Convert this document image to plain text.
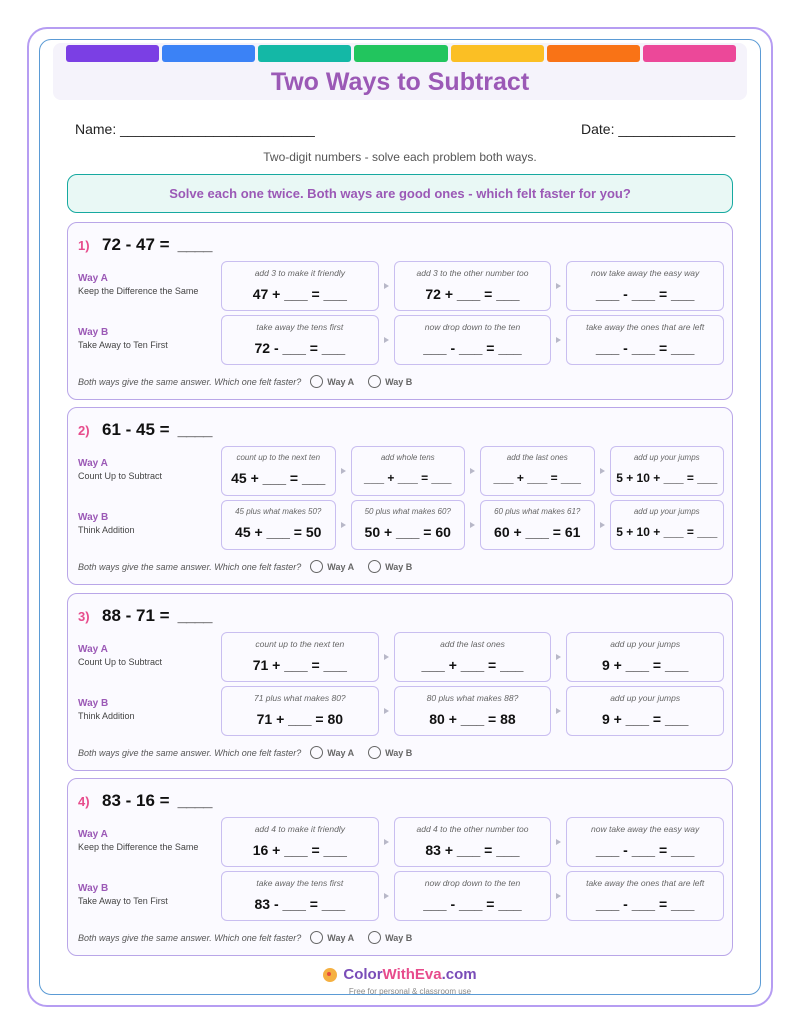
Two Ways to Subtract
Name: _________________________	Date: _______________
Two-digit numbers - solve each problem both ways.
Solve each one twice. Both ways are good ones - which felt faster for you?
1) 72 - 47 = ____
Way A
Keep the Difference the Same
add 3 to make it friendly
47 + ___ = ___
add 3 to the other number too
72 + ___ = ___
now take away the easy way
___ - ___ = ___
Way B
Take Away to Ten First
take away the tens first
72 - ___ = ___
now drop down to the ten
___ - ___ = ___
take away the ones that are left
___ - ___ = ___
Both ways give the same answer. Which one felt faster?	Way A	Way B
2) 61 - 45 = ____
Way A
Count Up to Subtract
count up to the next ten
45 + ___ = ___
add whole tens
___ + ___ = ___
add the last ones
___ + ___ = ___
add up your jumps
5 + 10 + ___ = ___
Way B
Think Addition
45 plus what makes 50?
45 + ___ = 50
50 plus what makes 60?
50 + ___ = 60
60 plus what makes 61?
60 + ___ = 61
add up your jumps
5 + 10 + ___ = ___
Both ways give the same answer. Which one felt faster?	Way A	Way B
3) 88 - 71 = ____
Way A
Count Up to Subtract
count up to the next ten
71 + ___ = ___
add the last ones
___ + ___ = ___
add up your jumps
9 + ___ = ___
Way B
Think Addition
71 plus what makes 80?
71 + ___ = 80
80 plus what makes 88?
80 + ___ = 88
add up your jumps
9 + ___ = ___
Both ways give the same answer. Which one felt faster?	Way A	Way B
4) 83 - 16 = ____
Way A
Keep the Difference the Same
add 4 to make it friendly
16 + ___ = ___
add 4 to the other number too
83 + ___ = ___
now take away the easy way
___ - ___ = ___
Way B
Take Away to Ten First
take away the tens first
83 - ___ = ___
now drop down to the ten
___ - ___ = ___
take away the ones that are left
___ - ___ = ___
Both ways give the same answer. Which one felt faster?	Way A	Way B
Color WithEva .com
Free for personal & classroom use
